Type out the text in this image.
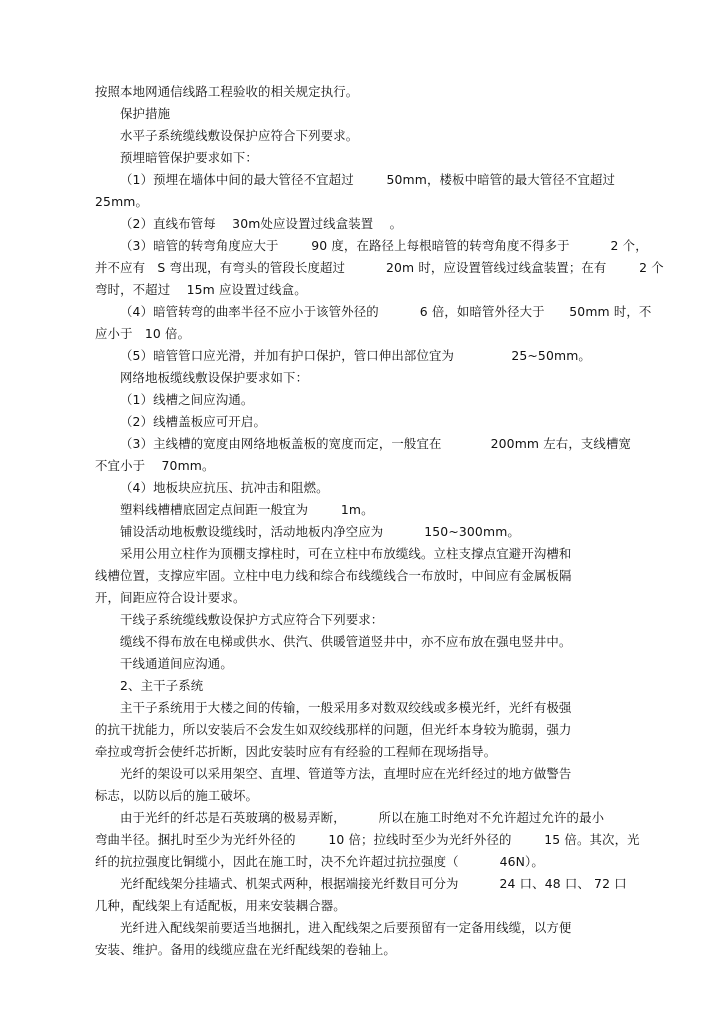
按照本地网通信线路工程验收的相关规定执行。
保护措施
水平子系统缆线敷设保护应符合下列要求。
预埋暗管保护要求如下：
（1）预埋在墙体中间的最大管径不宜超过        50mm，楼板中暗管的最大管径不宜超过
25mm。
（2）直线布管每    30m处应设置过线盒装置    。
（3）暗管的转弯角度应大于        90 度，在路径上每根暗管的转弯角度不得多于          2 个，
并不应有   S 弯出现，有弯头的管段长度超过          20m 时，应设置管线过线盒装置；在有        2 个
弯时，不超过    15m 应设置过线盒。
（4）暗管转弯的曲率半径不应小于该管外径的          6 倍，如暗管外径大于      50mm 时，不
应小于   10 倍。
（5）暗管管口应光滑，并加有护口保护，管口伸出部位宜为              25~50mm。
网络地板缆线敷设保护要求如下：
（1）线槽之间应沟通。
（2）线槽盖板应可开启。
（3）主线槽的宽度由网络地板盖板的宽度而定，一般宜在            200mm 左右，支线槽宽
不宜小于    70mm。
（4）地板块应抗压、抗冲击和阻燃。
塑料线槽槽底固定点间距一般宜为        1m。
铺设活动地板敷设缆线时，活动地板内净空应为          150~300mm。
采用公用立柱作为顶棚支撑柱时，可在立柱中布放缆线。立柱支撑点宜避开沟槽和
线槽位置，支撑应牢固。立柱中电力线和综合布线缆线合一布放时，中间应有金属板隔
开，间距应符合设计要求。
干线子系统缆线敷设保护方式应符合下列要求：
缆线不得布放在电梯或供水、供汽、供暖管道竖井中，亦不应布放在强电竖井中。
干线通道间应沟通。
2、主干子系统
主干子系统用于大楼之间的传输，一般采用多对数双绞线或多模光纤，光纤有极强
的抗干扰能力，所以安装后不会发生如双绞线那样的问题，但光纤本身较为脆弱，强力
牵拉或弯折会使纤芯折断，因此安装时应有有经验的工程师在现场指导。
光纤的架设可以采用架空、直埋、管道等方法，直埋时应在光纤经过的地方做警告
标志，以防以后的施工破坏。
由于光纤的纤芯是石英玻璃的极易弄断，        所以在施工时绝对不允许超过允许的最小
弯曲半径。捆扎时至少为光纤外径的        10 倍；拉线时至少为光纤外径的        15 倍。其次，光
纤的抗拉强度比铜缆小，因此在施工时，决不允许超过抗拉强度（          46N）。
光纤配线架分挂墙式、机架式两种，根据端接光纤数目可分为          24 口、48 口、 72 口
几种，配线架上有适配板，用来安装耦合器。
光纤进入配线架前要适当地捆扎，进入配线架之后要预留有一定备用线缆，以方便
安装、维护。备用的线缆应盘在光纤配线架的卷轴上。
